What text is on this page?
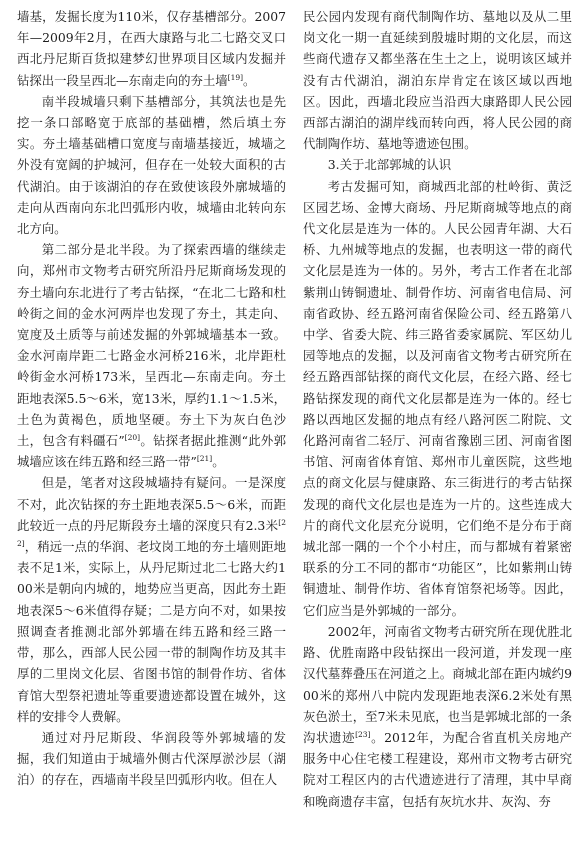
墙基，发掘长度为110米，仅存基槽部分。2007年—2009年2月，在西大康路与北二七路交叉口西北丹尼斯百货拟建梦幻世界项目区域内发掘并钻探出一段呈西北—东南走向的夯土墙[19]。

南半段城墙只剩下基槽部分，其筑法也是先挖一条口部略宽于底部的基础槽，然后填土夯实。夯土墙基础槽口宽度与南墙基接近，城墙之外没有宽阔的护城河，但存在一处较大面积的古代湖泊。由于该湖泊的存在致使该段外廓城墙的走向从西南向东北凹弧形内收，城墙由北转向东北方向。

第二部分是北半段。为了探索西墙的继续走向，郑州市文物考古研究所沿丹尼斯商场发现的夯土墙向东北进行了考古钻探，“在北二七路和杜岭街之间的金水河两岸也发现了夯土，其走向、宽度及土质等与前述发掘的外郭城墙基本一致。金水河南岸距二七路金水河桥216米，北岸距杜岭街金水河桥173米，呈西北—东南走向。夯土距地表深5.5～6米，宽13米，厚约1.1～1.5米，土色为黄褐色，质地坚硬。夯土下为灰白色沙土，包含有料礓石”[20]。钻探者据此推测“此外郭城墙应该在纬五路和经三路一带”[21]。

但是，笔者对这段城墙持有疑问。一是深度不对，此次钻探的夯土距地表深5.5～6米，而距此较近一点的丹尼斯段夯土墙的深度只有2.3米[22]，稍远一点的华润、老坟岗工地的夯土墙则距地表不足1米，实际上，从丹尼斯过北二七路大约100米是朝向内城的，地势应当更高，因此夯土距地表深5～6米值得存疑；二是方向不对，如果按照调查者推测北部外郭墙在纬五路和经三路一带，那么，西部人民公园一带的制陶作坊及其丰厚的二里岗文化层、省图书馆的制骨作坊、省体育馆大型祭祀遗址等重要遗迹都设置在城外，这样的安排令人费解。

通过对丹尼斯段、华润段等外郭城墙的发掘，我们知道由于城墙外侧古代深厚淤沙层（湖泊）的存在，西墙南半段呈凹弧形内收。但在人

民公园内发现有商代制陶作坊、墓地以及从二里岗文化一期一直延续到殷墟时期的文化层，而这些商代遗存又都坐落在生土之上，说明该区域并没有古代湖泊，湖泊东岸肯定在该区域以西地区。因此，西墙北段应当沿西大康路即人民公园西部古湖泊的湖岸线而转向西，将人民公园的商代制陶作坊、墓地等遗迹包围。

3.关于北部郭城的认识

考古发掘可知，商城西北部的杜岭街、黄泛区园艺场、金博大商场、丹尼斯商城等地点的商代文化层是连为一体的。人民公园青年湖、大石桥、九州城等地点的发掘，也表明这一带的商代文化层是连为一体的。另外，考古工作者在北部紫荆山铸铜遗址、制骨作坊、河南省电信局、河南省政协、经五路河南省保险公司、经五路第八中学、省委大院、纬三路省委家属院、军区幼儿园等地点的发掘，以及河南省文物考古研究所在经五路西部钻探的商代文化层，在经六路、经七路钻探发现的商代文化层都是连为一体的。经七路以西地区发掘的地点有经八路河医二附院、文化路河南省二轻厅、河南省豫剧三团、河南省图书馆、河南省体育馆、郑州市儿童医院，这些地点的商文化层与健康路、东三街进行的考古钻探发现的商代文化层也是连为一片的。这些连成大片的商代文化层充分说明，它们绝不是分布于商城北部一隅的一个个小村庄，而与都城有着紧密联系的分工不同的都市“功能区”，比如紫荆山铸铜遗址、制骨作坊、省体育馆祭祀场等。因此，它们应当是外郭城的一部分。

2002年，河南省文物考古研究所在现优胜北路、优胜南路中段钻探出一段河道，并发现一座汉代墓葬叠压在河道之上。商城北部在距内城约900米的郑州八中院内发现距地表深6.2米处有黑灰色淤土，至7米未见底，也当是郭城北部的一条沟状遗迹[23]。2012年，为配合省直机关房地产服务中心住宅楼工程建设，郑州市文物考古研究院对工程区内的古代遗迹进行了清理，其中早商和晚商遗存丰富，包括有灰坑水井、灰沟、夯
